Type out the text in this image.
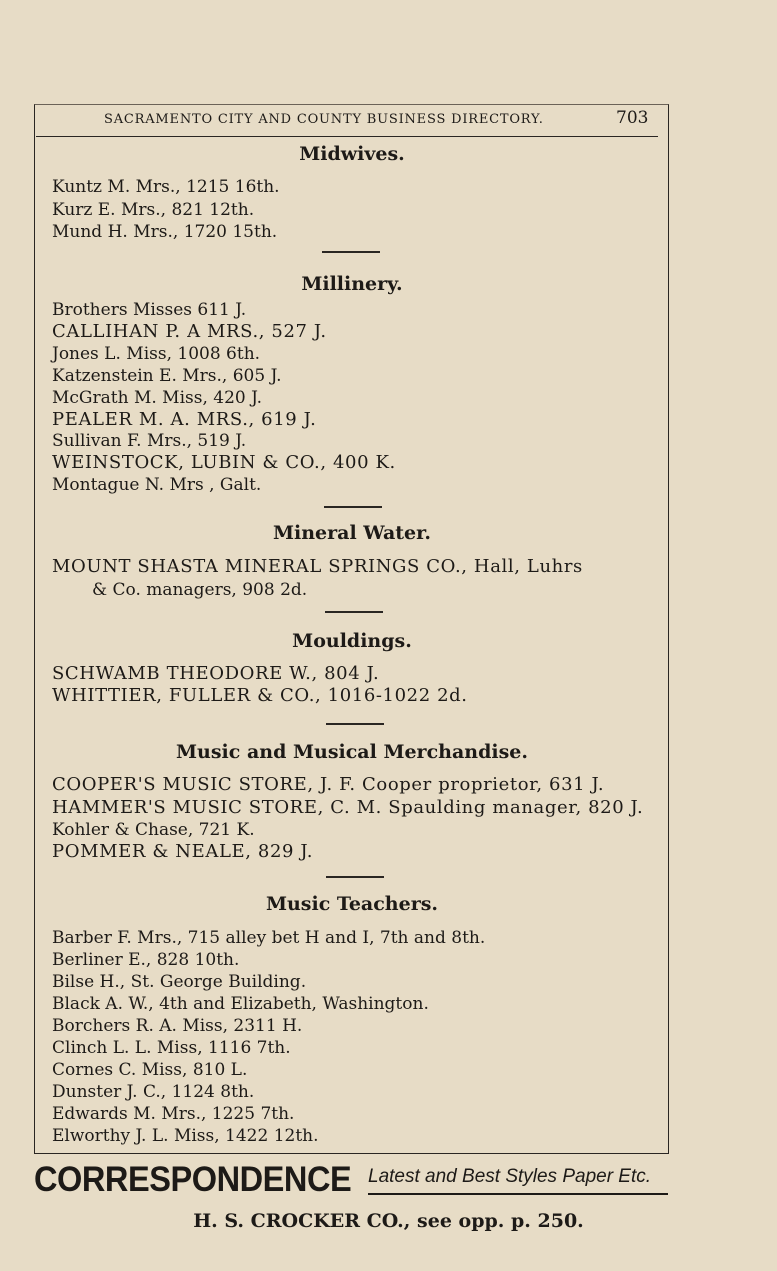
SACRAMENTO CITY AND COUNTY BUSINESS DIRECTORY.	703
Midwives.
Kuntz M. Mrs., 1215 16th.
Kurz E. Mrs., 821 12th.
Mund H. Mrs., 1720 15th.
Millinery.
Brothers Misses 611 J.
CALLIHAN P. A MRS., 527 J.
Jones L. Miss, 1008 6th.
Katzenstein E. Mrs., 605 J.
McGrath M. Miss, 420 J.
PEALER M. A. MRS., 619 J.
Sullivan F. Mrs., 519 J.
WEINSTOCK, LUBIN & CO., 400 K.
Montague N. Mrs , Galt.
Mineral Water.
MOUNT SHASTA MINERAL SPRINGS CO., Hall, Luhrs
& Co. managers, 908 2d.
Mouldings.
SCHWAMB THEODORE W., 804 J.
WHITTIER, FULLER & CO., 1016-1022 2d.
Music and Musical Merchandise.
COOPER'S MUSIC STORE, J. F. Cooper proprietor, 631 J.
HAMMER'S MUSIC STORE, C. M. Spaulding manager, 820 J.
Kohler & Chase, 721 K.
POMMER & NEALE, 829 J.
Music Teachers.
Barber F. Mrs., 715 alley bet H and I, 7th and 8th.
Berliner E., 828 10th.
Bilse H., St. George Building.
Black A. W., 4th and Elizabeth, Washington.
Borchers R. A. Miss, 2311 H.
Clinch L. L. Miss, 1116 7th.
Cornes C. Miss, 810 L.
Dunster J. C., 1124 8th.
Edwards M. Mrs., 1225 7th.
Elworthy J. L. Miss, 1422 12th.
CORRESPONDENCE Latest and Best Styles Paper Etc.
H. S. CROCKER CO., see opp. p. 250.
